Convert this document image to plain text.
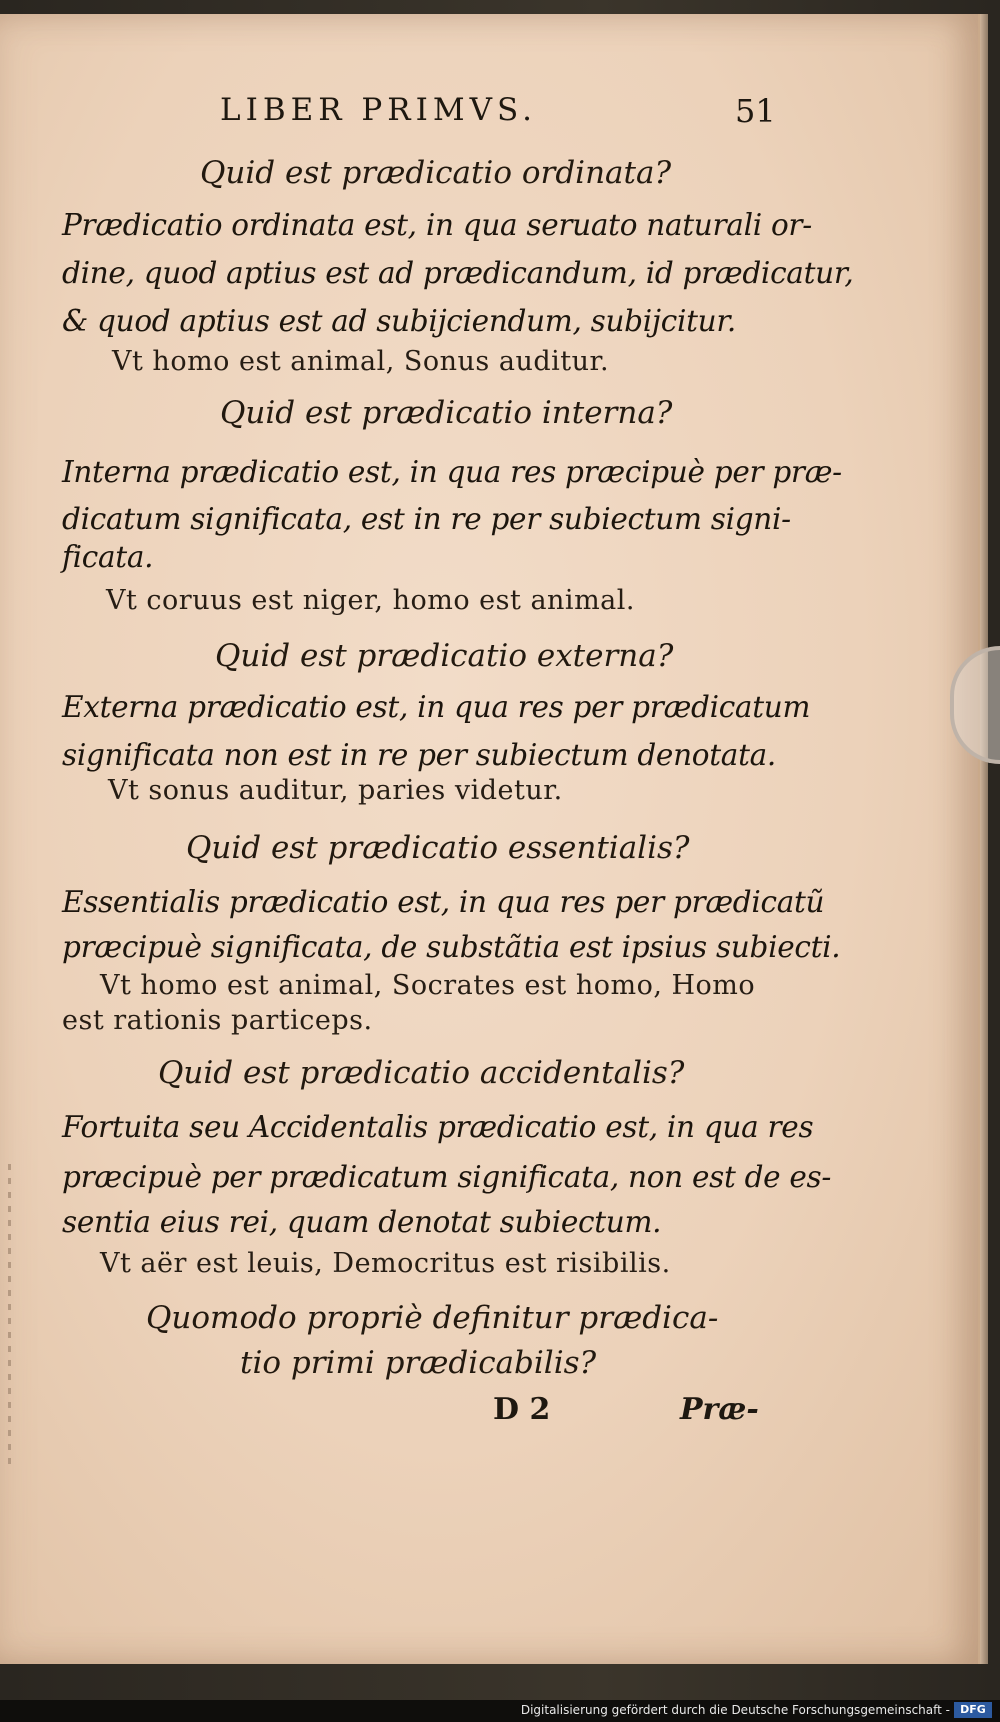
LIBER PRIMVS.	51
Quid est prædicatio ordinata?
Prædicatio ordinata est, in qua seruato naturali or-
dine, quod aptius est ad prædicandum, id prædicatur,
& quod aptius est ad subijciendum, subijcitur.
Vt homo est animal, Sonus auditur.
Quid est prædicatio interna?
Interna prædicatio est, in qua res præcipuè per præ-
dicatum significata, est in re per subiectum signi-
ficata.
Vt coruus est niger, homo est animal.
Quid est prædicatio externa?
Externa prædicatio est, in qua res per prædicatum
significata non est in re per subiectum denotata.
Vt sonus auditur, paries videtur.
Quid est prædicatio essentialis?
Essentialis prædicatio est, in qua res per prædicatũ
præcipuè significata, de substãtia est ipsius subiecti.
Vt homo est animal, Socrates est homo, Homo
est rationis particeps.
Quid est prædicatio accidentalis?
Fortuita seu Accidentalis prædicatio est, in qua res
præcipuè per prædicatum significata, non est de es-
sentia eius rei, quam denotat subiectum.
Vt aër est leuis, Democritus est risibilis.
Quomodo propriè definitur prædica-
tio primi prædicabilis?
D 2	Præ-
Digitalisierung gefördert durch die Deutsche Forschungsgemeinschaft - DFG
